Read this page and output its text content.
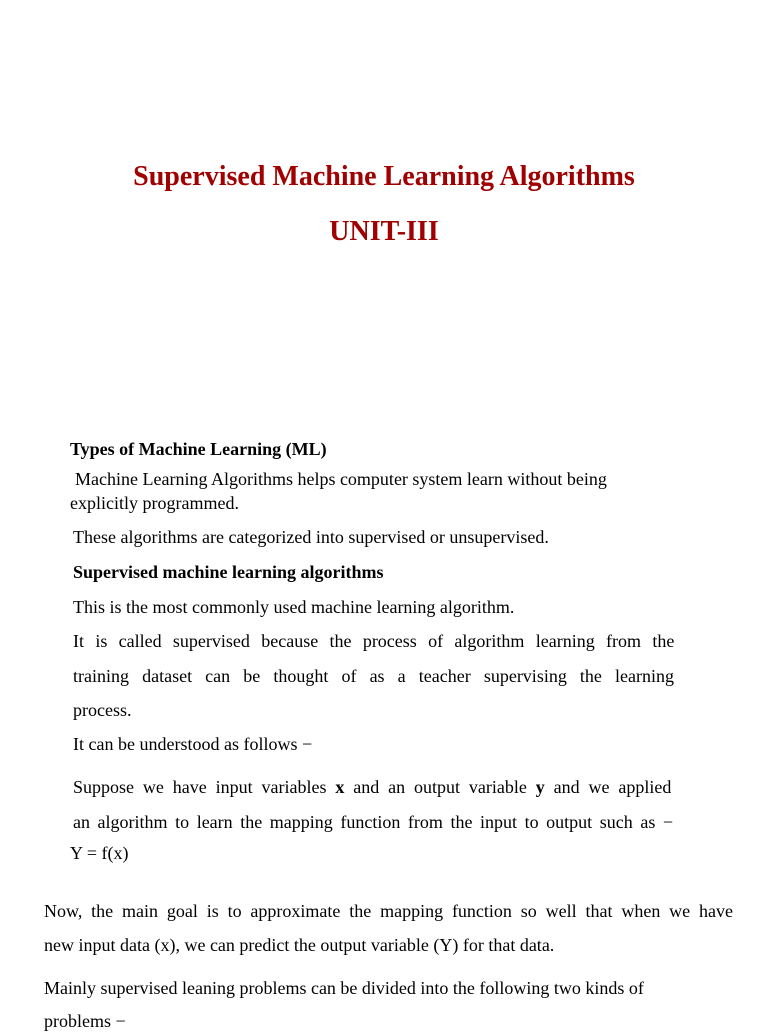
Supervised Machine Learning Algorithms
UNIT-III
Types of Machine Learning (ML)
Machine Learning Algorithms helps computer system learn without being
explicitly programmed.
These algorithms are categorized into supervised or unsupervised.
Supervised machine learning algorithms
This is the most commonly used machine learning algorithm.
It is called supervised because the process of algorithm learning from the
training dataset can be thought of as a teacher supervising the learning
process.
It can be understood as follows −
Suppose we have input variables x and an output variable y and we applied
an algorithm to learn the mapping function from the input to output such as −
Y = f(x)
Now, the main goal is to approximate the mapping function so well that when we have
new input data (x), we can predict the output variable (Y) for that data.
Mainly supervised leaning problems can be divided into the following two kinds of
problems −
